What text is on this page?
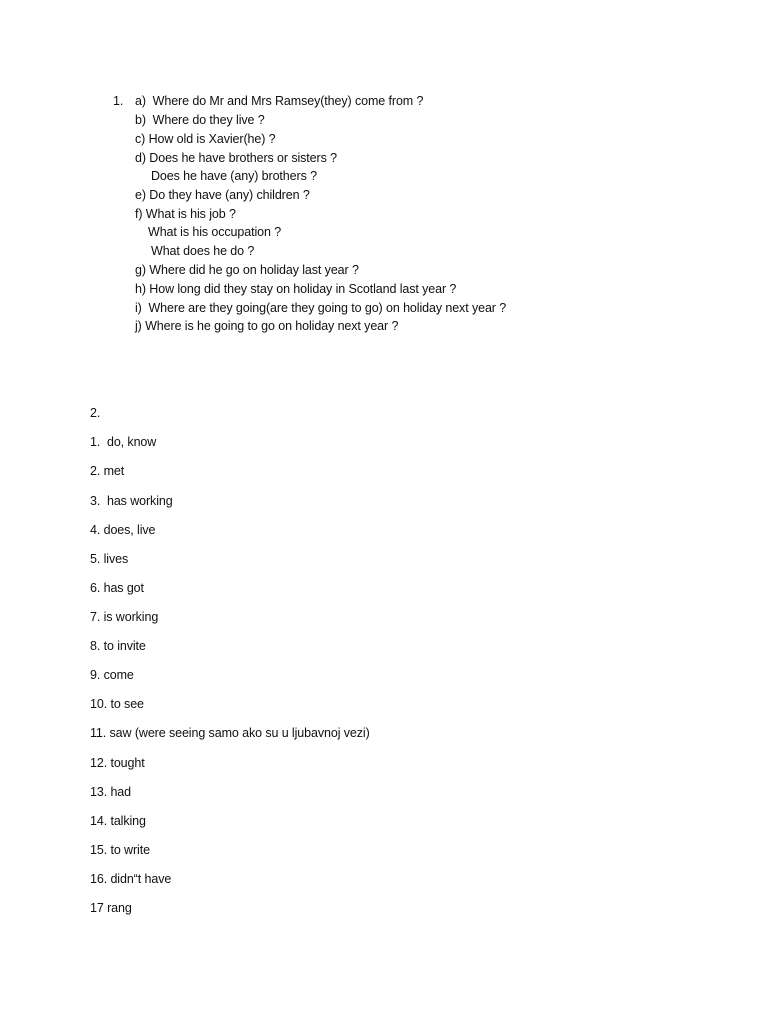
1. a)  Where do Mr and Mrs Ramsey(they) come from ?
b)  Where do they live ?
c) How old is Xavier(he) ?
d) Does he have brothers or sisters ?
Does he have (any) brothers ?
e) Do they have (any) children ?
f) What is his job ?
What is his occupation ?
What does he do ?
g) Where did he go on holiday last year ?
h) How long did they stay on holiday in Scotland last year ?
i)  Where are they going(are they going to go) on holiday next year ?
j) Where is he going to go on holiday next year ?
2.
1.  do, know
2. met
3.  has working
4. does, live
5. lives
6. has got
7. is working
8. to invite
9. come
10. to see
11. saw (were seeing samo ako su u ljubavnoj vezi)
12. tought
13. had
14. talking
15. to write
16. didn“t have
17 rang
